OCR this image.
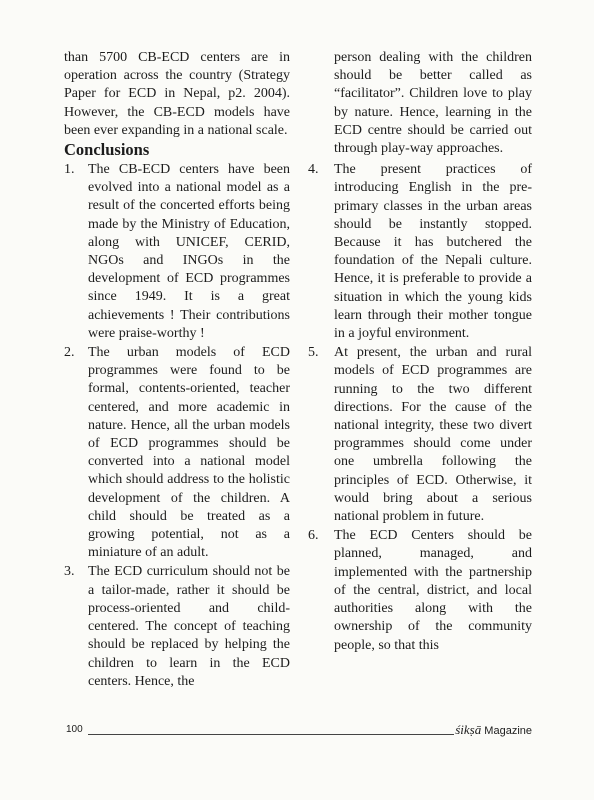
than 5700 CB-ECD centers are in operation across the country (Strategy Paper for ECD in Nepal, p2. 2004). However, the CB-ECD models have been ever expanding in a national scale.

Conclusions
1. The CB-ECD centers have been evolved into a national model as a result of the concerted efforts being made by the Ministry of Education, along with UNICEF, CERID, NGOs and INGOs in the development of ECD programmes since 1949. It is a great achievements ! Their contributions were praise-worthy !
2. The urban models of ECD programmes were found to be formal, contents-oriented, teacher centered, and more academic in nature. Hence, all the urban models of ECD programmes should be converted into a national model which should address to the holistic development of the children. A child should be treated as a growing potential, not as a miniature of an adult.
3. The ECD curriculum should not be a tailor-made, rather it should be process-oriented and child-centered. The concept of teaching should be replaced by helping the children to learn in the ECD centers. Hence, the

person dealing with the children should be better called as “facilitator”. Children love to play by nature. Hence, learning in the ECD centre should be carried out through play-way approaches.

4. The present practices of introducing English in the pre-primary classes in the urban areas should be instantly stopped. Because it has butchered the foundation of the Nepali culture. Hence, it is preferable to provide a situation in which the young kids learn through their mother tongue in a joyful environment.
5. At present, the urban and rural models of ECD programmes are running to the two different directions. For the cause of the national integrity, these two divert programmes should come under one umbrella following the principles of ECD. Otherwise, it would bring about a serious national problem in future.
6. The ECD Centers should be planned, managed, and implemented with the partnership of the central, district, and local authorities along with the ownership of the community people, so that this
100	śikṣā Magazine
